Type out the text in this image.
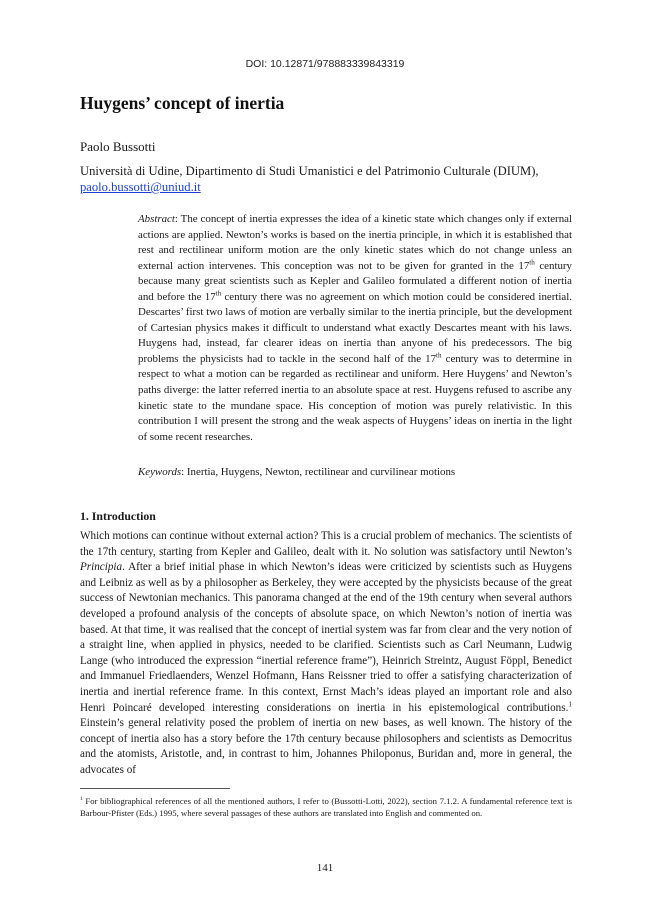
DOI: 10.12871/978883339843319
Huygens’ concept of inertia
Paolo Bussotti
Università di Udine, Dipartimento di Studi Umanistici e del Patrimonio Culturale (DIUM),
paolo.bussotti@uniud.it

Abstract: The concept of inertia expresses the idea of a kinetic state which changes only if external actions are applied. Newton’s works is based on the inertia principle, in which it is established that rest and rectilinear uniform motion are the only kinetic states which do not change unless an external action intervenes. This conception was not to be given for granted in the 17th century because many great scientists such as Kepler and Galileo formulated a different notion of inertia and before the 17th century there was no agreement on which motion could be considered inertial. Descartes’ first two laws of motion are verbally similar to the inertia principle, but the development of Cartesian physics makes it difficult to understand what exactly Descartes meant with his laws. Huygens had, instead, far clearer ideas on inertia than anyone of his predecessors. The big problems the physicists had to tackle in the second half of the 17th century was to determine in respect to what a motion can be regarded as rectilinear and uniform. Here Huygens’ and Newton’s paths diverge: the latter referred inertia to an absolute space at rest. Huygens refused to ascribe any kinetic state to the mundane space. His conception of motion was purely relativistic. In this contribution I will present the strong and the weak aspects of Huygens’ ideas on inertia in the light of some recent researches.

Keywords: Inertia, Huygens, Newton, rectilinear and curvilinear motions
1. Introduction

Which motions can continue without external action? This is a crucial problem of mechanics. The scientists of the 17th century, starting from Kepler and Galileo, dealt with it. No solution was satisfactory until Newton’s Principia. After a brief initial phase in which Newton’s ideas were criticized by scientists such as Huygens and Leibniz as well as by a philosopher as Berkeley, they were accepted by the physicists because of the great success of Newtonian mechanics. This panorama changed at the end of the 19th century when several authors developed a profound analysis of the concepts of absolute space, on which Newton’s notion of inertia was based. At that time, it was realised that the concept of inertial system was far from clear and the very notion of a straight line, when applied in physics, needed to be clarified. Scientists such as Carl Neumann, Ludwig Lange (who introduced the expression “inertial reference frame”), Heinrich Streintz, August Föppl, Benedict and Immanuel Friedlaenders, Wenzel Hofmann, Hans Reissner tried to offer a satisfying characterization of inertia and inertial reference frame. In this context, Ernst Mach’s ideas played an important role and also Henri Poincaré developed interesting considerations on inertia in his epistemological contributions.$^1$ Einstein’s general relativity posed the problem of inertia on new bases, as well known. The history of the concept of inertia also has a story before the 17th century because philosophers and scientists as Democritus and the atomists, Aristotle, and, in contrast to him, Johannes Philoponus, Buridan and, more in general, the advocates of

$^1$ For bibliographical references of all the mentioned authors, I refer to (Bussotti-Lotti, 2022), section 7.1.2. A fundamental reference text is Barbour-Pfister (Eds.) 1995, where several passages of these authors are translated into English and commented on.

141
